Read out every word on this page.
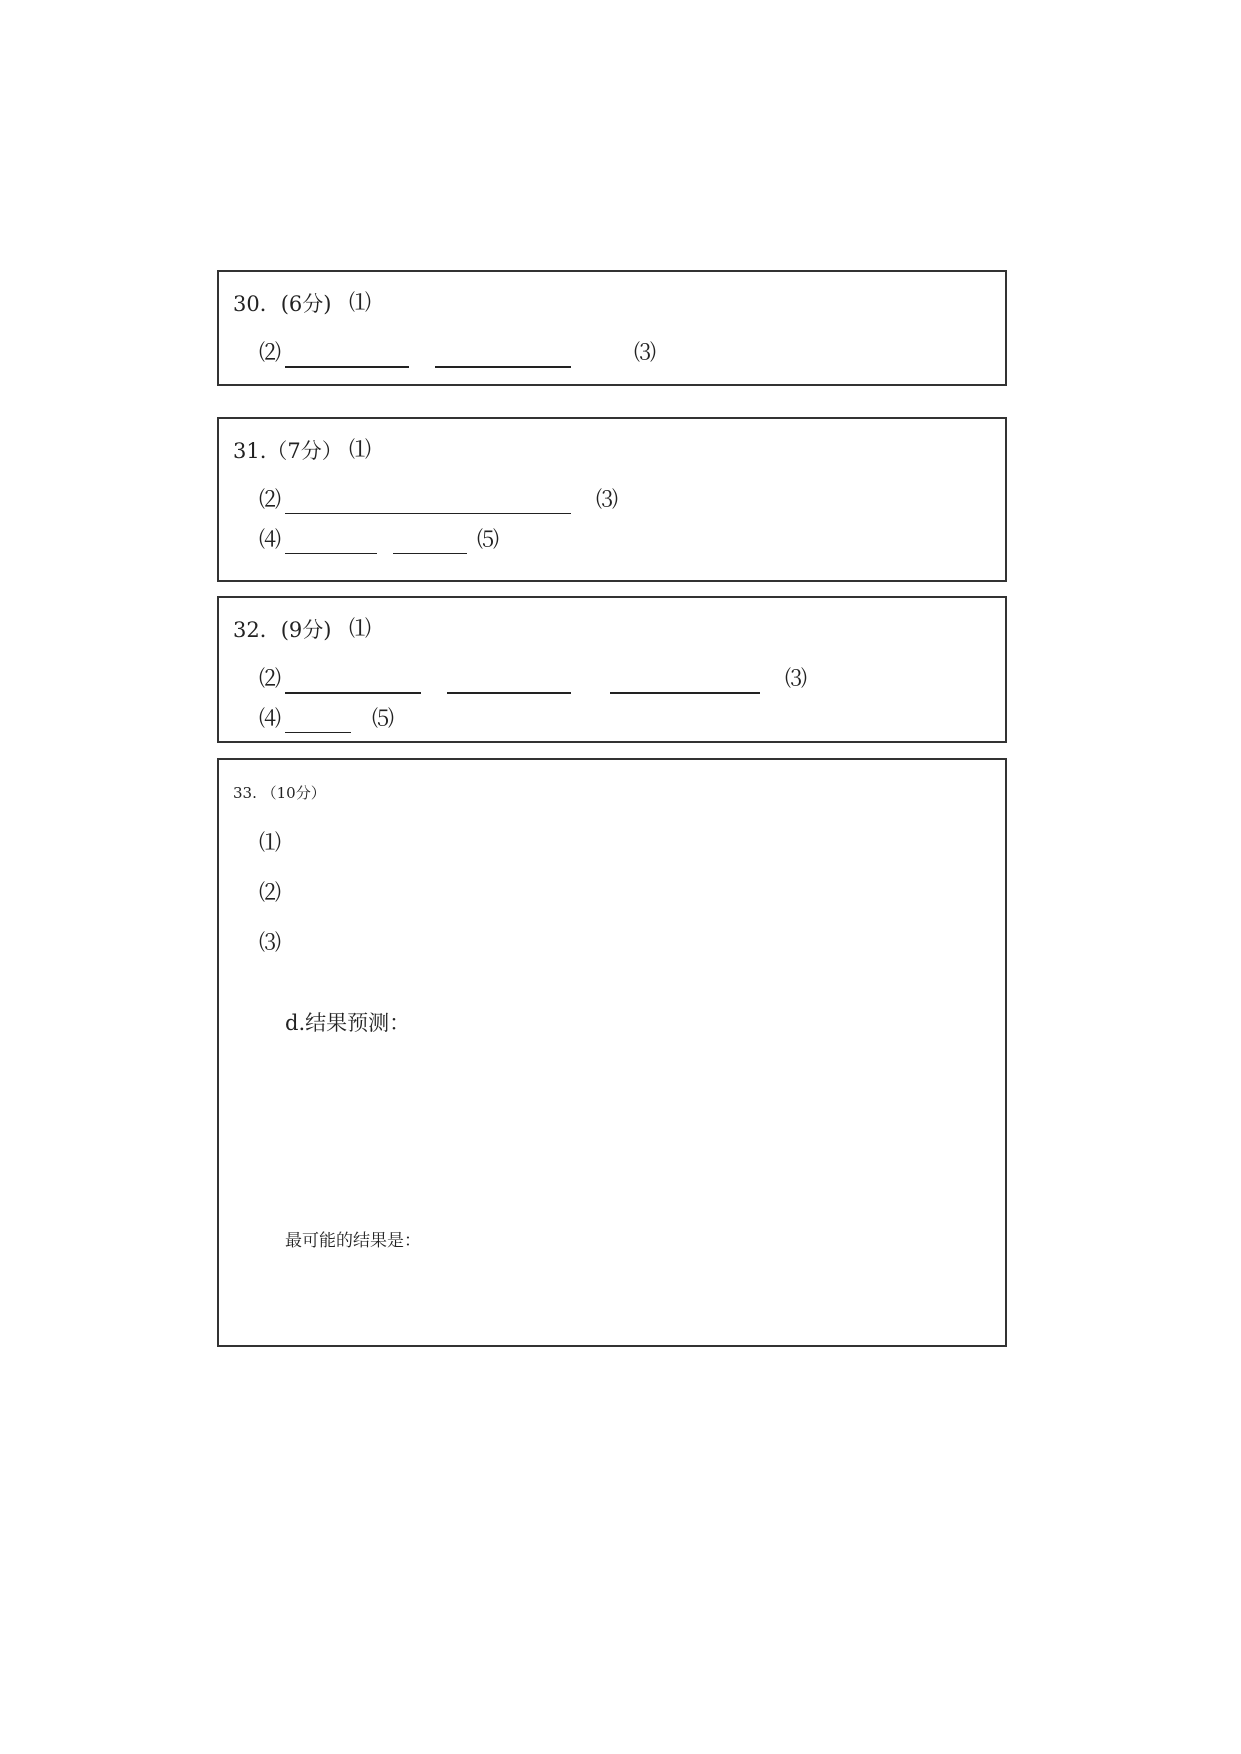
30．(6分) ⑴
⑵	⑶
31.（7分） ⑴
⑵	⑶
⑷	⑸
32．(9分) ⑴
⑵	⑶
⑷	⑸
33. （10分）
⑴
⑵
⑶
d.结果预测：
最可能的结果是：
